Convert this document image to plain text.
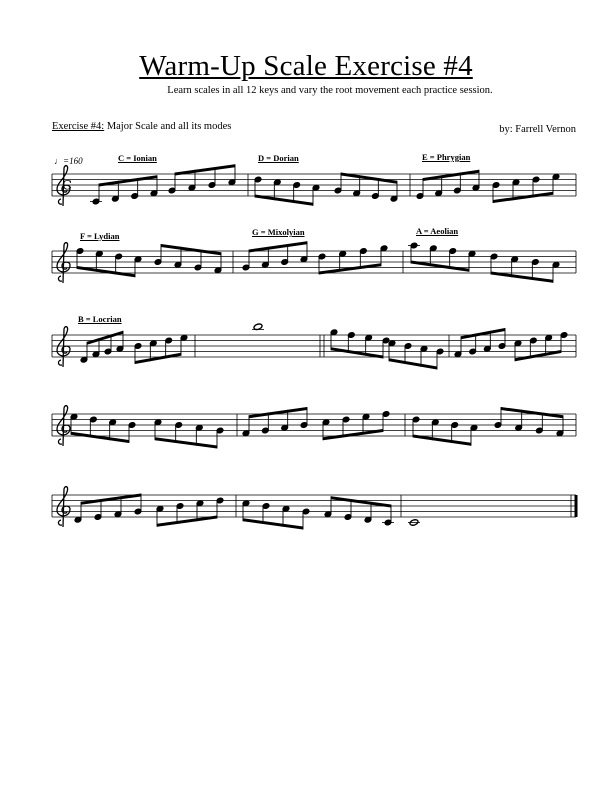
Warm-Up Scale Exercise #4
Learn scales in all 12 keys and vary the root movement each practice session.
Exercise #4: Major Scale and all its modes	by: Farrell Vernon
♩=160	C = Ionian	D = Dorian	E = Phrygian
F = Lydian	G = Mixolyian	A = Aeolian
B = Locrian
C
